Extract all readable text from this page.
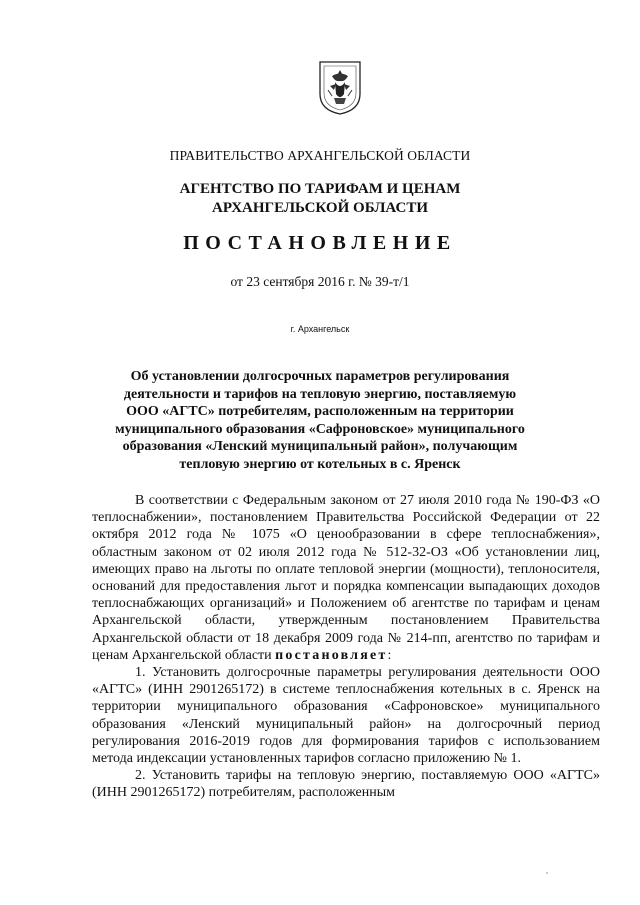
ПРАВИТЕЛЬСТВО АРХАНГЕЛЬСКОЙ ОБЛАСТИ
АГЕНТСТВО ПО ТАРИФАМ И ЦЕНАМ
АРХАНГЕЛЬСКОЙ ОБЛАСТИ
ПОСТАНОВЛЕНИЕ
от 23 сентября 2016 г. № 39-т/1
г. Архангельск
Об установлении долгосрочных параметров регулирования деятельности и тарифов на тепловую энергию, поставляемую ООО «АГТС» потребителям, расположенным на территории муниципального образования «Сафроновское» муниципального образования «Ленский муниципальный район», получающим тепловую энергию от котельных в с. Яренск

В соответствии с Федеральным законом от 27 июля 2010 года № 190-ФЗ «О теплоснабжении», постановлением Правительства Российской Федерации от 22 октября 2012 года № 1075 «О ценообразовании в сфере теплоснабжения», областным законом от 02 июля 2012 года № 512-32-ОЗ «Об установлении лиц, имеющих право на льготы по оплате тепловой энергии (мощности), теплоносителя, оснований для предоставления льгот и порядка компенсации выпадающих доходов теплоснабжающих организаций» и Положением об агентстве по тарифам и ценам Архангельской области, утвержденным постановлением Правительства Архангельской области от 18 декабря 2009 года № 214-пп, агентство по тарифам и ценам Архангельской области постановляет:

1. Установить долгосрочные параметры регулирования деятельности ООО «АГТС» (ИНН 2901265172) в системе теплоснабжения котельных в с. Яренск на территории муниципального образования «Сафроновское» муниципального образования «Ленский муниципальный район» на долгосрочный период регулирования 2016-2019 годов для формирования тарифов с использованием метода индексации установленных тарифов согласно приложению № 1.

2. Установить тарифы на тепловую энергию, поставляемую ООО «АГТС» (ИНН 2901265172) потребителям, расположенным
